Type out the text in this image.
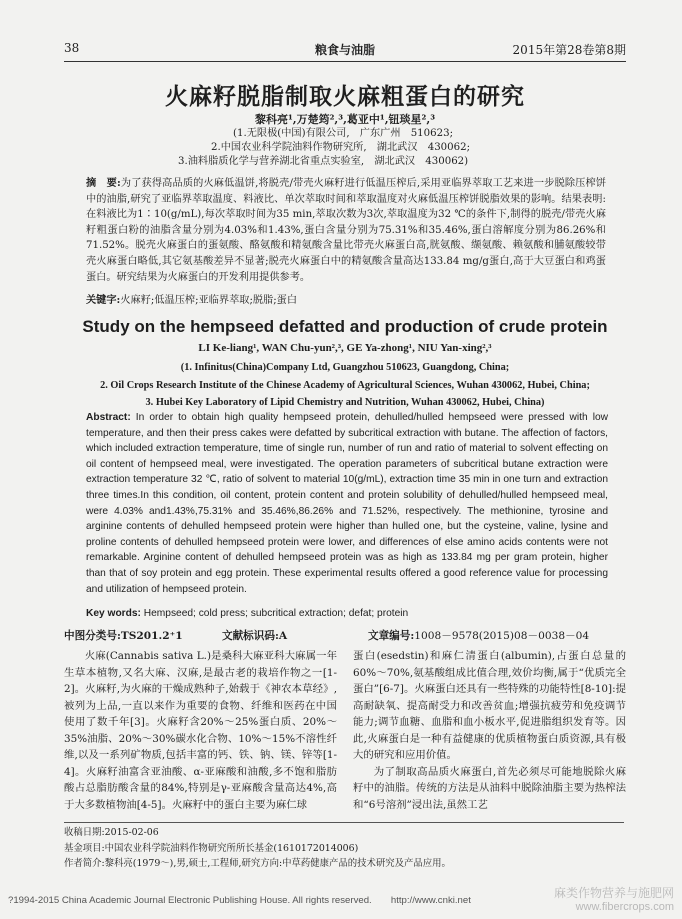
38	粮食与油脂	2015年第28卷第8期
火麻籽脱脂制取火麻粗蛋白的研究
黎科亮¹,万楚筠²,³,葛亚中¹,钮琰星²,³
(1.无限极(中国)有限公司,　广东广州　510623;
2.中国农业科学院油料作物研究所,　湖北武汉　430062;
3.油料脂质化学与营养湖北省重点实验室,　湖北武汉　430062)
摘　要:为了获得高品质的火麻低温饼,将脱壳/带壳火麻籽进行低温压榨后,采用亚临界萃取工艺来进一步脱除压榨饼中的油脂,研究了亚临界萃取温度、料液比、单次萃取时间和萃取温度对火麻低温压榨饼脱脂效果的影响。结果表明:在料液比为1∶10(g/mL),每次萃取时间为35 min,萃取次数为3次,萃取温度为32 ℃的条件下,制得的脱壳/带壳火麻籽粗蛋白粉的油脂含量分别为4.03%和1.43%,蛋白含量分别为75.31%和35.46%,蛋白溶解度分别为86.26%和71.52%。脱壳火麻蛋白的蛋氨酸、酪氨酸和精氨酸含量比带壳火麻蛋白高,胱氨酸、缬氨酸、赖氨酸和脯氨酸较带壳火麻蛋白略低,其它氨基酸差异不显著;脱壳火麻蛋白中的精氨酸含量高达133.84 mg/g蛋白,高于大豆蛋白和鸡蛋蛋白。研究结果为火麻蛋白的开发利用提供参考。
关键字:火麻籽;低温压榨;亚临界萃取;脱脂;蛋白
Study on the hempseed defatted and production of crude protein
LI Ke-liang¹, WAN Chu-yun²,³, GE Ya-zhong¹, NIU Yan-xing²,³
(1. Infinitus(China)Company Ltd, Guangzhou 510623, Guangdong, China;
2. Oil Crops Research Institute of the Chinese Academy of Agricultural Sciences, Wuhan 430062, Hubei, China;
3. Hubei Key Laboratory of Lipid Chemistry and Nutrition, Wuhan 430062, Hubei, China)
Abstract: In order to obtain high quality hempseed protein, dehulled/hulled hempseed were pressed with low temperature, and then their press cakes were defatted by subcritical extraction with butane. The affection of factors, which included extraction temperature, time of single run, number of run and ratio of material to solvent effecting on oil content of hempseed meal, were investigated. The operation parameters of subcritical butane extraction were extraction temperature 32 ℃, ratio of solvent to material 10(g/mL), extraction time 35 min in one turn and extraction three times.In this condition, oil content, protein content and protein solubility of dehulled/hulled hempseed meal, were 4.03% and1.43%,75.31% and 35.46%,86.26% and 71.52%, respectively. The methionine, tyrosine and arginine contents of dehulled hempseed protein were higher than hulled one, but the cysteine, valine, lysine and proline contents of dehulled hempseed protein were lower, and differences of else amino acids contents were not remarkable. Arginine content of dehulled hempseed protein was as high as 133.84 mg per gram protein, higher than that of soy protein and egg protein. These experimental results offered a good reference value for processing and utilization of hempseed protein.
Key words: Hempseed; cold press; subcritical extraction; defat; protein
中图分类号:TS201.2⁺1	文献标识码:A	文章编号:1008－9578(2015)08－0038－04

火麻(Cannabis sativa L.)是桑科大麻亚科大麻属一年生草本植物,又名大麻、汉麻,是最古老的栽培作物之一[1-2]。火麻籽,为火麻的干燥成熟种子,始载于《神农本草经》,被列为上品,一直以来作为重要的食物、纤维和医药在中国使用了数千年[3]。火麻籽含20%～25%蛋白质、20%～35%油脂、20%～30%碳水化合物、10%～15%不溶性纤维,以及一系列矿物质,包括丰富的钙、铁、钠、镁、锌等[1-4]。火麻籽油富含亚油酸、α-亚麻酸和油酸,多不饱和脂肪酸占总脂肪酸含量的84%,特别是γ-亚麻酸含量高达4%,高于大多数植物油[4-5]。火麻籽中的蛋白主要为麻仁球

蛋白(esedstin)和麻仁清蛋白(albumin),占蛋白总量的60%～70%,氨基酸组成比值合理,效价均衡,属于“优质完全蛋白”[6-7]。火麻蛋白还具有一些特殊的功能特性[8-10]:提高耐缺氧、提高耐受力和改善贫血;增强抗疲劳和免疫调节能力;调节血糖、血脂和血小板水平,促进脂组织发育等。因此,火麻蛋白是一种有益健康的优质植物蛋白质资源,具有极大的研究和应用价值。

为了制取高品质火麻蛋白,首先必须尽可能地脱除火麻籽中的油脂。传统的方法是从油料中脱除油脂主要为热榨法和“6号溶剂”浸出法,虽然工艺

收稿日期:2015-02-06
基金项目:中国农业科学院油料作物研究所所长基金(1610172014006)
作者简介:黎科亮(1979～),男,硕士,工程师,研究方向:中草药健康产品的技术研究及产品应用。
?1994-2015 China Academic Journal Electronic Publishing House. All rights reserved.　　http://www.cnki.net
麻类作物营养与施肥网
www.fibercrops.com
